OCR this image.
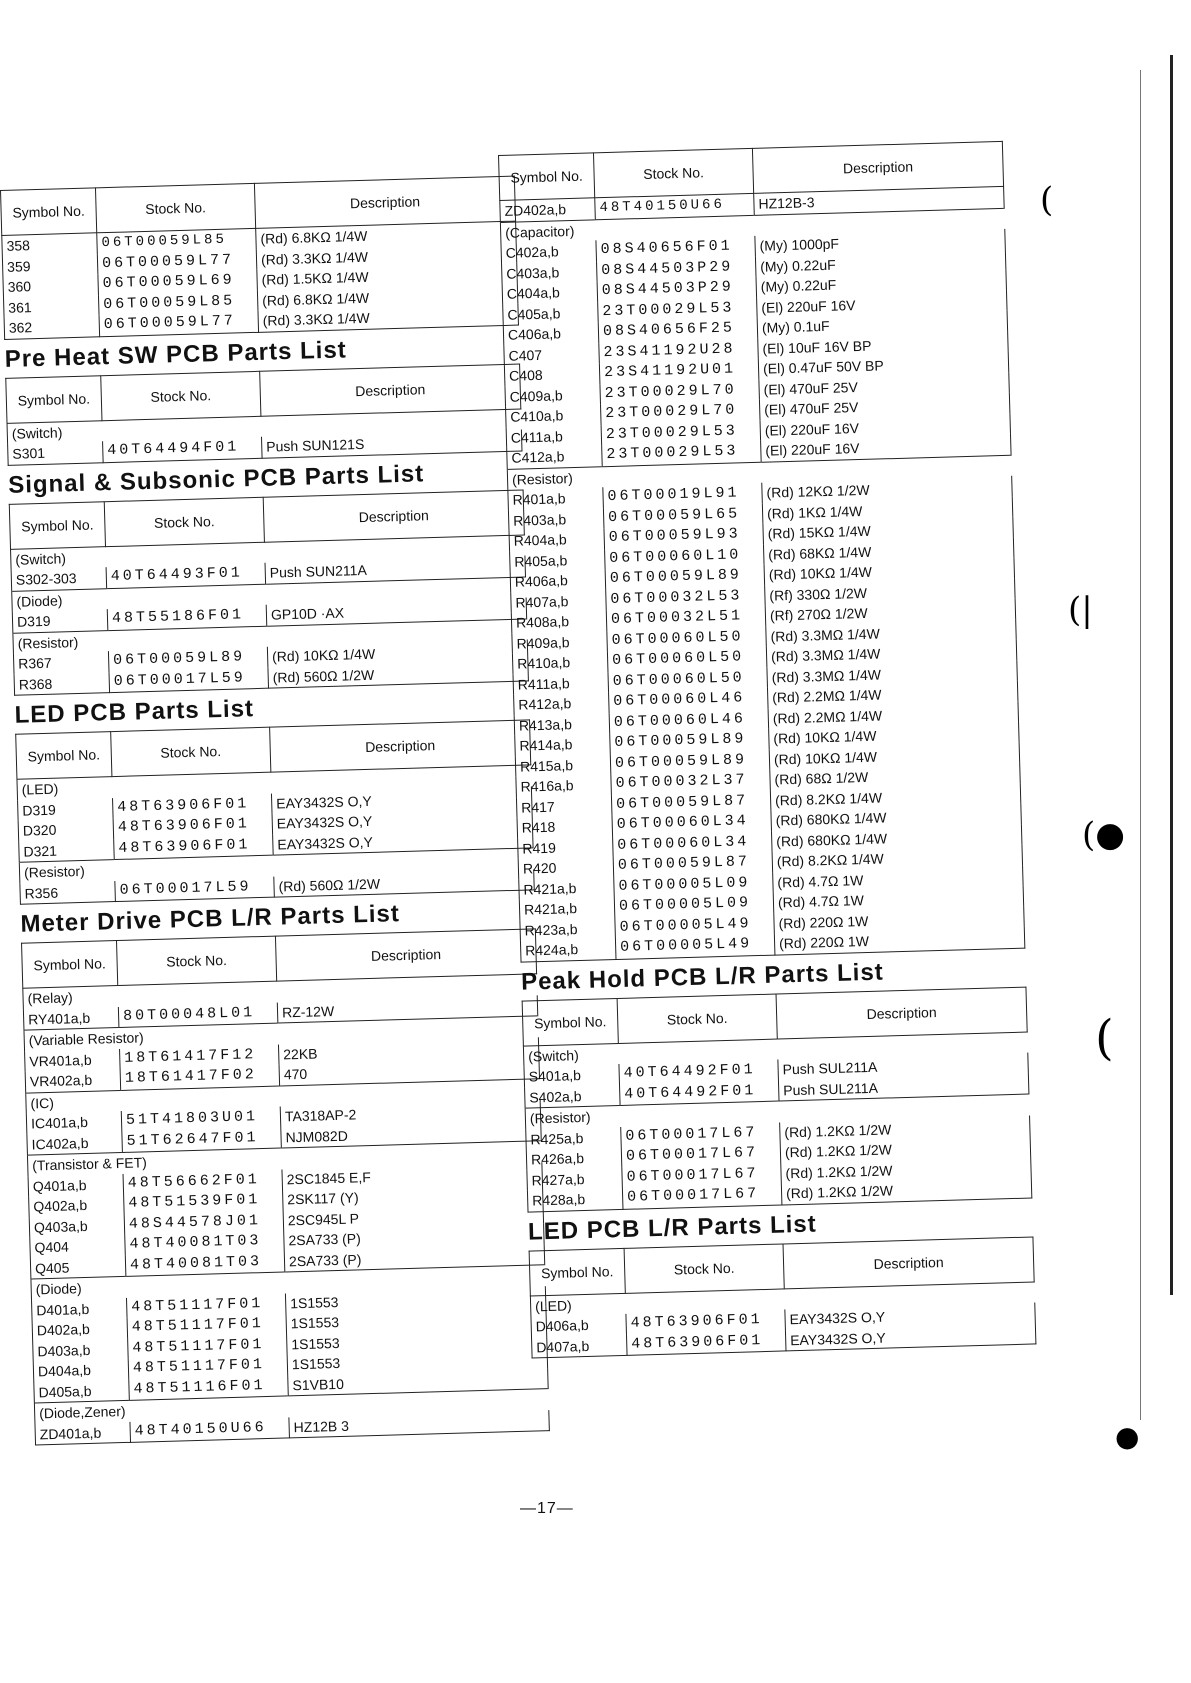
Symbol No.	Stock No.	Description
358	06T00059L85	(Rd) 6.8KΩ 1/4W
359	06T00059L77	(Rd) 3.3KΩ 1/4W
360	06T00059L69	(Rd) 1.5KΩ 1/4W
361	06T00059L85	(Rd) 6.8KΩ 1/4W
362	06T00059L77	(Rd) 3.3KΩ 1/4W
Pre Heat SW PCB Parts List
Symbol No.	Stock No.	Description
(Switch)		
S301	40T64494F01	Push SUN121S
Signal & Subsonic PCB Parts List
Symbol No.	Stock No.	Description
(Switch)		
S302-303	40T64493F01	Push SUN211A
(Diode)		
D319	48T55186F01	GP10D ·AX
(Resistor)		
R367	06T00059L89	(Rd) 10KΩ 1/4W
R368	06T00017L59	(Rd) 560Ω 1/2W
LED PCB Parts List
Symbol No.	Stock No.	Description
(LED)		
D319	48T63906F01	EAY3432S O,Y
D320	48T63906F01	EAY3432S O,Y
D321	48T63906F01	EAY3432S O,Y
(Resistor)		
R356	06T00017L59	(Rd) 560Ω 1/2W
Meter Drive PCB L/R Parts List
Symbol No.	Stock No.	Description
(Relay)		
RY401a,b	80T00048L01	RZ-12W
(Variable Resistor)		
VR401a,b	18T61417F12	22KB
VR402a,b	18T61417F02	470
(IC)		
IC401a,b	51T41803U01	TA318AP-2
IC402a,b	51T62647F01	NJM082D
(Transistor & FET)		
Q401a,b	48T56662F01	2SC1845 E,F
Q402a,b	48T51539F01	2SK117 (Y)
Q403a,b	48S44578J01	2SC945L P
Q404	48T40081T03	2SA733 (P)
Q405	48T40081T03	2SA733 (P)
(Diode)		
D401a,b	48T51117F01	1S1553
D402a,b	48T51117F01	1S1553
D403a,b	48T51117F01	1S1553
D404a,b	48T51117F01	1S1553
D405a,b	48T51116F01	S1VB10
(Diode,Zener)		
ZD401a,b	48T40150U66	HZ12B 3
Symbol No.	Stock No.	Description
ZD402a,b	48T40150U66	HZ12B-3
(Capacitor)		
C402a,b	08S40656F01	(My) 1000pF
C403a,b	08S44503P29	(My) 0.22uF
C404a,b	08S44503P29	(My) 0.22uF
C405a,b	23T00029L53	(El) 220uF 16V
C406a,b	08S40656F25	(My) 0.1uF
C407	23S41192U28	(El) 10uF 16V BP
C408	23S41192U01	(El) 0.47uF 50V BP
C409a,b	23T00029L70	(El) 470uF 25V
C410a,b	23T00029L70	(El) 470uF 25V
C411a,b	23T00029L53	(El) 220uF 16V
C412a,b	23T00029L53	(El) 220uF 16V
(Resistor)		
R401a,b	06T00019L91	(Rd) 12KΩ 1/2W
R403a,b	06T00059L65	(Rd) 1KΩ 1/4W
R404a,b	06T00059L93	(Rd) 15KΩ 1/4W
R405a,b	06T00060L10	(Rd) 68KΩ 1/4W
R406a,b	06T00059L89	(Rd) 10KΩ 1/4W
R407a,b	06T00032L53	(Rf) 330Ω 1/2W
R408a,b	06T00032L51	(Rf) 270Ω 1/2W
R409a,b	06T00060L50	(Rd) 3.3MΩ 1/4W
R410a,b	06T00060L50	(Rd) 3.3MΩ 1/4W
R411a,b	06T00060L50	(Rd) 3.3MΩ 1/4W
R412a,b	06T00060L46	(Rd) 2.2MΩ 1/4W
R413a,b	06T00060L46	(Rd) 2.2MΩ 1/4W
R414a,b	06T00059L89	(Rd) 10KΩ 1/4W
R415a,b	06T00059L89	(Rd) 10KΩ 1/4W
R416a,b	06T00032L37	(Rd) 68Ω 1/2W
R417	06T00059L87	(Rd) 8.2KΩ 1/4W
R418	06T00060L34	(Rd) 680KΩ 1/4W
R419	06T00060L34	(Rd) 680KΩ 1/4W
R420	06T00059L87	(Rd) 8.2KΩ 1/4W
R421a,b	06T00005L09	(Rd) 4.7Ω 1W
R421a,b	06T00005L09	(Rd) 4.7Ω 1W
R423a,b	06T00005L49	(Rd) 220Ω 1W
R424a,b	06T00005L49	(Rd) 220Ω 1W
Peak Hold PCB L/R Parts List
Symbol No.	Stock No.	Description
(Switch)		
S401a,b	40T64492F01	Push SUL211A
S402a,b	40T64492F01	Push SUL211A
(Resistor)		
R425a,b	06T00017L67	(Rd) 1.2KΩ 1/2W
R426a,b	06T00017L67	(Rd) 1.2KΩ 1/2W
R427a,b	06T00017L67	(Rd) 1.2KΩ 1/2W
R428a,b	06T00017L67	(Rd) 1.2KΩ 1/2W
LED PCB L/R Parts List
Symbol No.	Stock No.	Description
(LED)		
D406a,b	48T63906F01	EAY3432S O,Y
D407a,b	48T63906F01	EAY3432S O,Y
—17—
(
(|
(●
(
●
